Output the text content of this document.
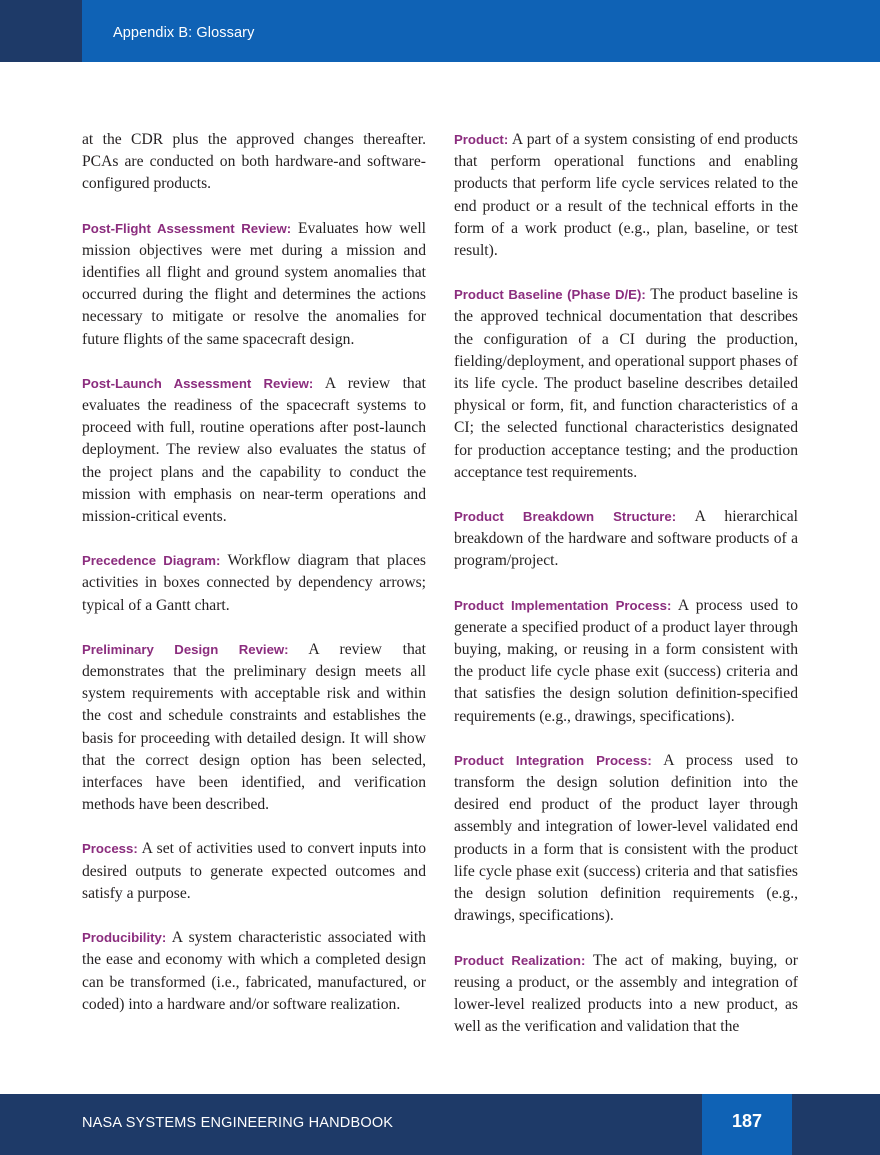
Appendix B: Glossary

at the CDR plus the approved changes thereafter. PCAs are conducted on both hardware-and software-configured products.

Post-Flight Assessment Review: Evaluates how well mission objectives were met during a mission and identifies all flight and ground system anomalies that occurred during the flight and determines the actions necessary to mitigate or resolve the anomalies for future flights of the same spacecraft design.

Post-Launch Assessment Review: A review that evaluates the readiness of the spacecraft systems to proceed with full, routine operations after post-launch deployment. The review also evaluates the status of the project plans and the capability to conduct the mission with emphasis on near-term operations and mission-critical events.

Precedence Diagram: Workflow diagram that places activities in boxes connected by dependency arrows; typical of a Gantt chart.

Preliminary Design Review: A review that demonstrates that the preliminary design meets all system requirements with acceptable risk and within the cost and schedule constraints and establishes the basis for proceeding with detailed design. It will show that the correct design option has been selected, interfaces have been identified, and verification methods have been described.

Process: A set of activities used to convert inputs into desired outputs to generate expected outcomes and satisfy a purpose.

Producibility: A system characteristic associated with the ease and economy with which a completed design can be transformed (i.e., fabricated, manufactured, or coded) into a hardware and/or software realization.

Product: A part of a system consisting of end products that perform operational functions and enabling products that perform life cycle services related to the end product or a result of the technical efforts in the form of a work product (e.g., plan, baseline, or test result).

Product Baseline (Phase D/E): The product baseline is the approved technical documentation that describes the configuration of a CI during the production, fielding/deployment, and operational support phases of its life cycle. The product baseline describes detailed physical or form, fit, and function characteristics of a CI; the selected functional characteristics designated for production acceptance testing; and the production acceptance test requirements.

Product Breakdown Structure: A hierarchical breakdown of the hardware and software products of a program/project.

Product Implementation Process: A process used to generate a specified product of a product layer through buying, making, or reusing in a form consistent with the product life cycle phase exit (success) criteria and that satisfies the design solution definition-specified requirements (e.g., drawings, specifications).

Product Integration Process: A process used to transform the design solution definition into the desired end product of the product layer through assembly and integration of lower-level validated end products in a form that is consistent with the product life cycle phase exit (success) criteria and that satisfies the design solution definition requirements (e.g., drawings, specifications).

Product Realization: The act of making, buying, or reusing a product, or the assembly and integration of lower-level realized products into a new product, as well as the verification and validation that the

NASA SYSTEMS ENGINEERING HANDBOOK	187
